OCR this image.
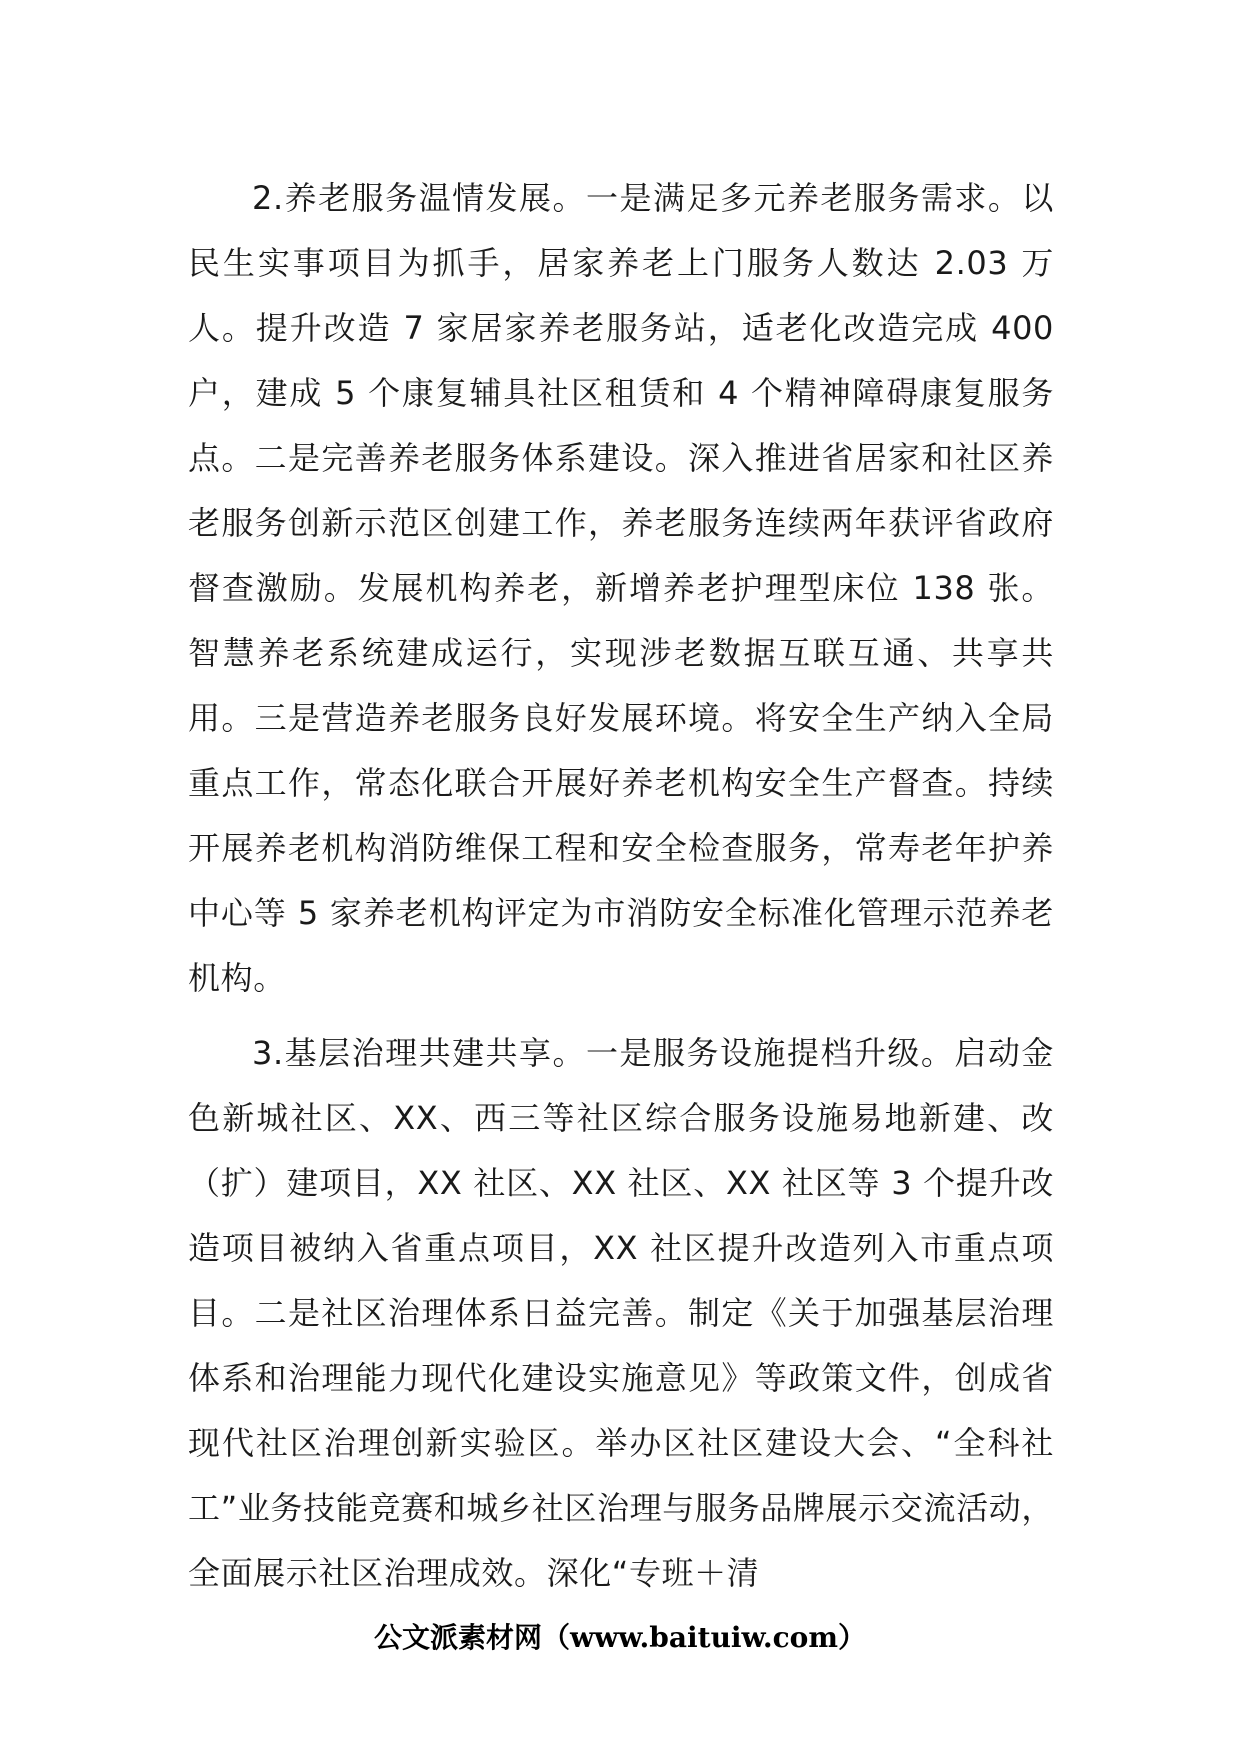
2.养老服务温情发展。一是满足多元养老服务需求。以民生实事项目为抓手，居家养老上门服务人数达 2.03 万人。提升改造 7 家居家养老服务站，适老化改造完成 400 户，建成 5 个康复辅具社区租赁和 4 个精神障碍康复服务点。二是完善养老服务体系建设。深入推进省居家和社区养老服务创新示范区创建工作，养老服务连续两年获评省政府督查激励。发展机构养老，新增养老护理型床位 138 张。智慧养老系统建成运行，实现涉老数据互联互通、共享共用。三是营造养老服务良好发展环境。将安全生产纳入全局重点工作，常态化联合开展好养老机构安全生产督查。持续开展养老机构消防维保工程和安全检查服务，常寿老年护养中心等 5 家养老机构评定为市消防安全标准化管理示范养老机构。

3.基层治理共建共享。一是服务设施提档升级。启动金色新城社区、XX、西三等社区综合服务设施易地新建、改（扩）建项目，XX 社区、XX 社区、XX 社区等 3 个提升改造项目被纳入省重点项目，XX 社区提升改造列入市重点项目。二是社区治理体系日益完善。制定《关于加强基层治理体系和治理能力现代化建设实施意见》等政策文件，创成省现代社区治理创新实验区。举办区社区建设大会、“全科社工”业务技能竞赛和城乡社区治理与服务品牌展示交流活动，全面展示社区治理成效。深化“专班＋清

公文派素材网（www.baituiw.com）
